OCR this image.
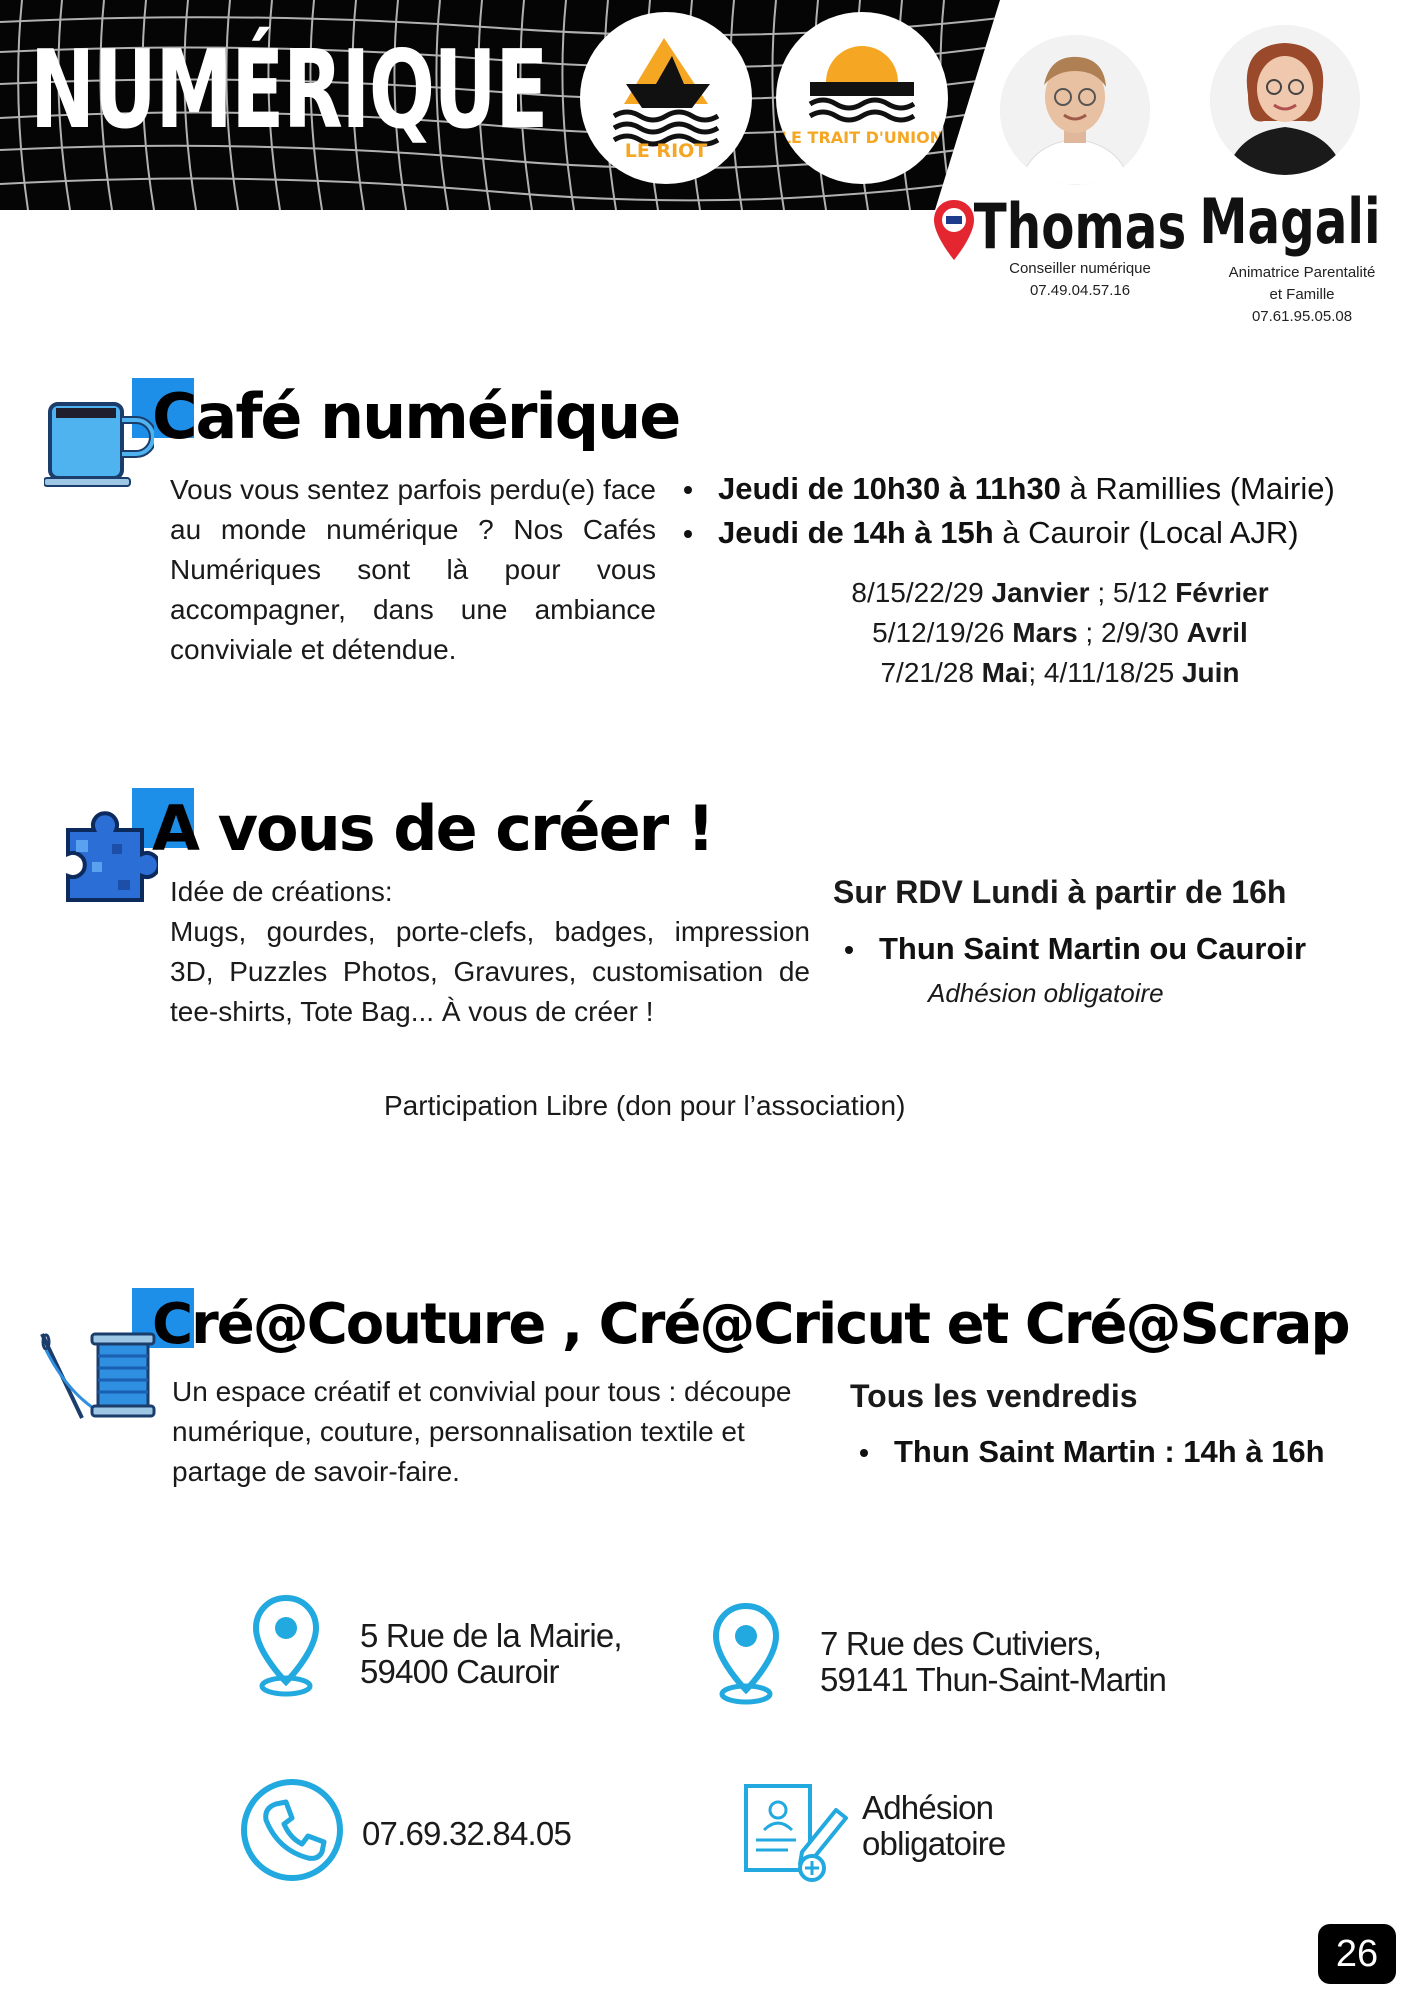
NUMÉRIQUE	LE RIOT
LE TRAIT D'UNION
Thomas
Conseiller numérique
07.49.04.57.16
Magali
Animatrice Parentalité
et Famille
07.61.95.05.08
Café numérique
Vous vous sentez parfois perdu(e) face au monde numérique ? Nos Cafés Numériques sont là pour vous accompagner, dans une ambiance conviviale et détendue.
Jeudi de 10h30 à 11h30 à Ramillies (Mairie)
Jeudi de 14h à 15h à Cauroir (Local AJR)
8/15/22/29 Janvier ; 5/12 Février
5/12/19/26 Mars ; 2/9/30 Avril
7/21/28 Mai; 4/11/18/25 Juin
A vous de créer !
Idée de créations:
Mugs, gourdes, porte-clefs, badges, impression 3D, Puzzles Photos, Gravures, customisation de tee-shirts, Tote Bag... À vous de créer !
Sur RDV Lundi à partir de 16h
Thun Saint Martin ou Cauroir
Adhésion obligatoire
Participation Libre (don pour l’association)
Cré@Couture , Cré@Cricut et Cré@Scrap
Un espace créatif et convivial pour tous : découpe numérique, couture, personnalisation textile et partage de savoir-faire.
Tous les vendredis
Thun Saint Martin : 14h à 16h
5 Rue de la Mairie,
59400 Cauroir
7 Rue des Cutiviers,
59141 Thun-Saint-Martin
07.69.32.84.05
Adhésion
obligatoire
26
